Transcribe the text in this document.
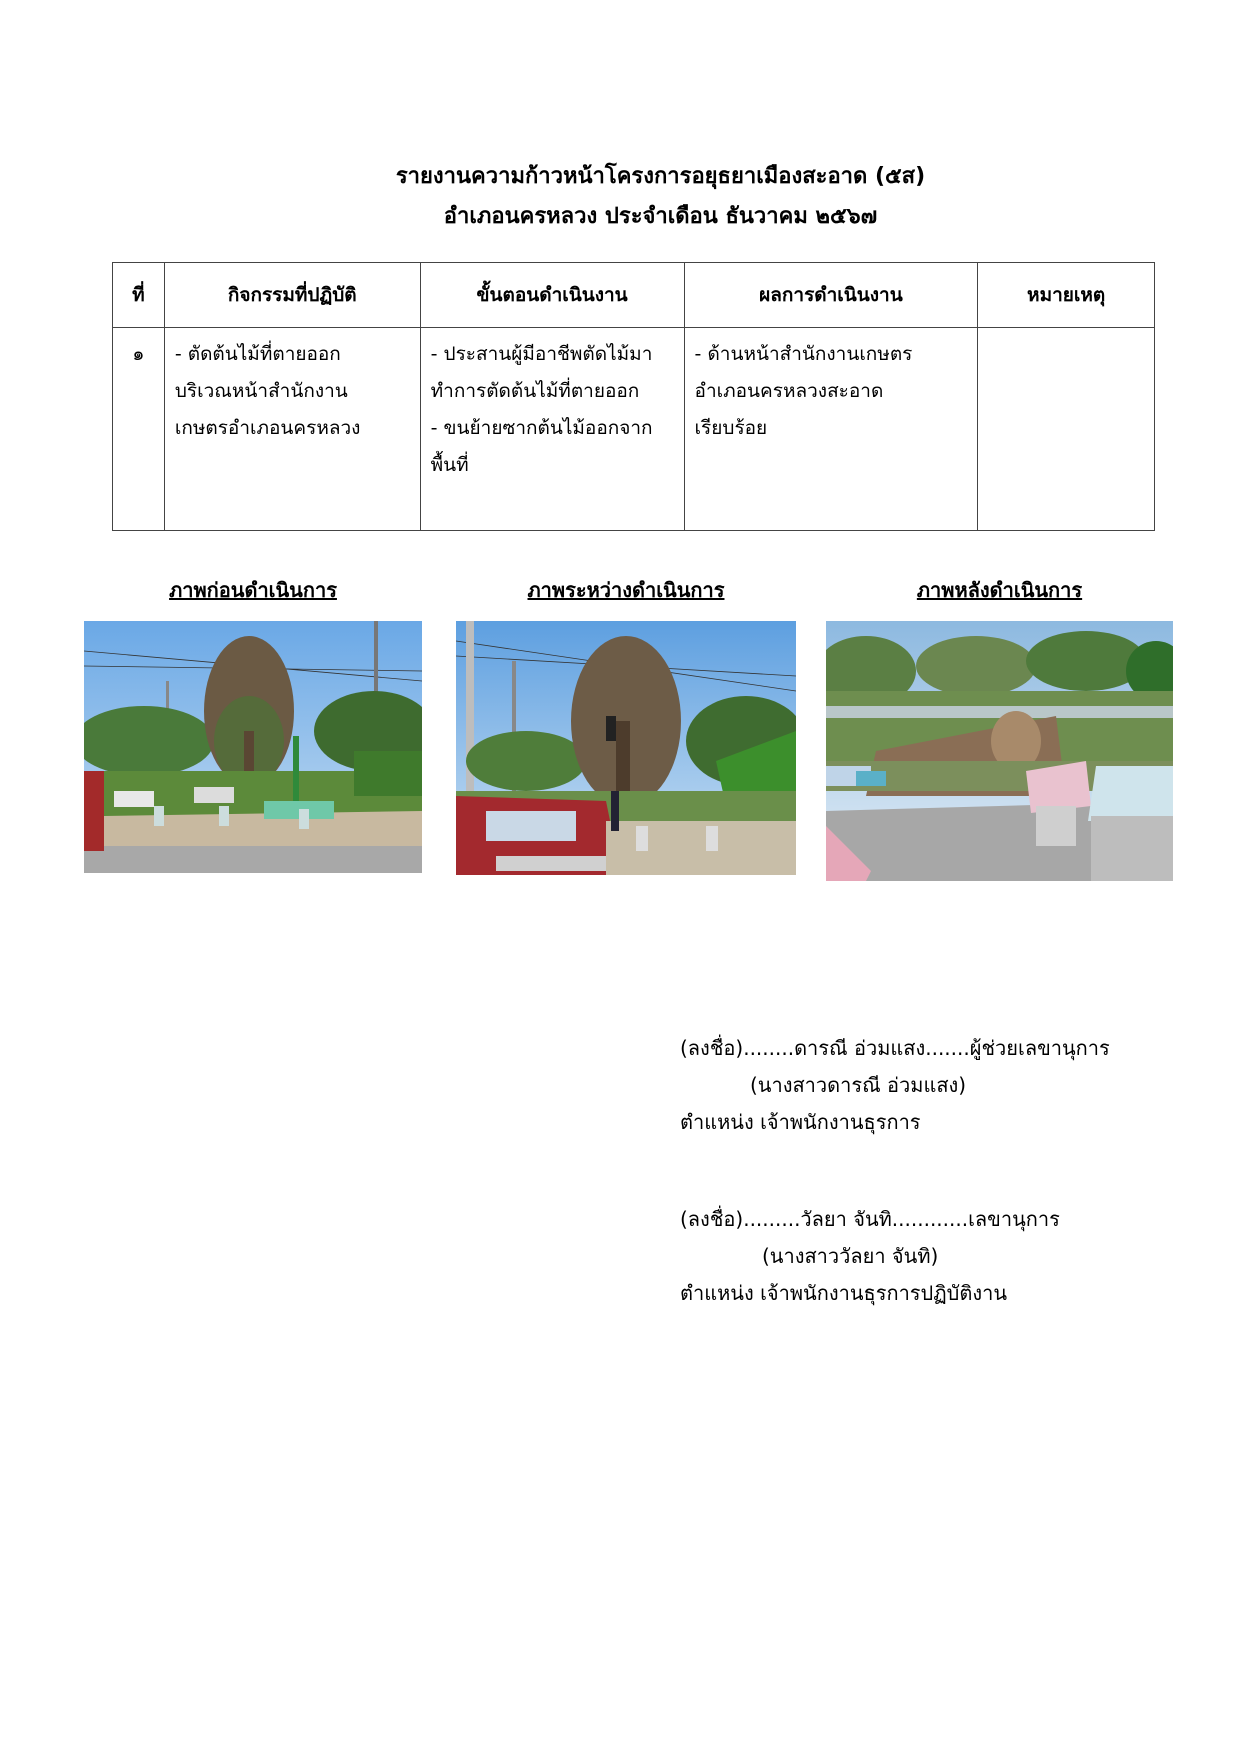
รายงานความก้าวหน้าโครงการอยุธยาเมืองสะอาด (๕ส)
อำเภอนครหลวง ประจำเดือน ธันวาคม ๒๕๖๗
ที่	กิจกรรมที่ปฏิบัติ	ขั้นตอนดำเนินงาน	ผลการดำเนินงาน	หมายเหตุ
๑	- ตัดต้นไม้ที่ตายออก
บริเวณหน้าสำนักงาน
เกษตรอำเภอนครหลวง	- ประสานผู้มีอาชีพตัดไม้มา
ทำการตัดต้นไม้ที่ตายออก
- ขนย้ายซากต้นไม้ออกจาก
พื้นที่	- ด้านหน้าสำนักงานเกษตร
อำเภอนครหลวงสะอาด
เรียบร้อย	

ภาพก่อนดำเนินการ	ภาพระหว่างดำเนินการ	ภาพหลังดำเนินการ
(ลงชื่อ)........ดารณี อ่วมแสง.......ผู้ช่วยเลขานุการ
(นางสาวดารณี อ่วมแสง)
ตำแหน่ง เจ้าพนักงานธุรการ
(ลงชื่อ).........วัลยา จันทิ............เลขานุการ
(นางสาววัลยา จันทิ)
ตำแหน่ง เจ้าพนักงานธุรการปฏิบัติงาน
